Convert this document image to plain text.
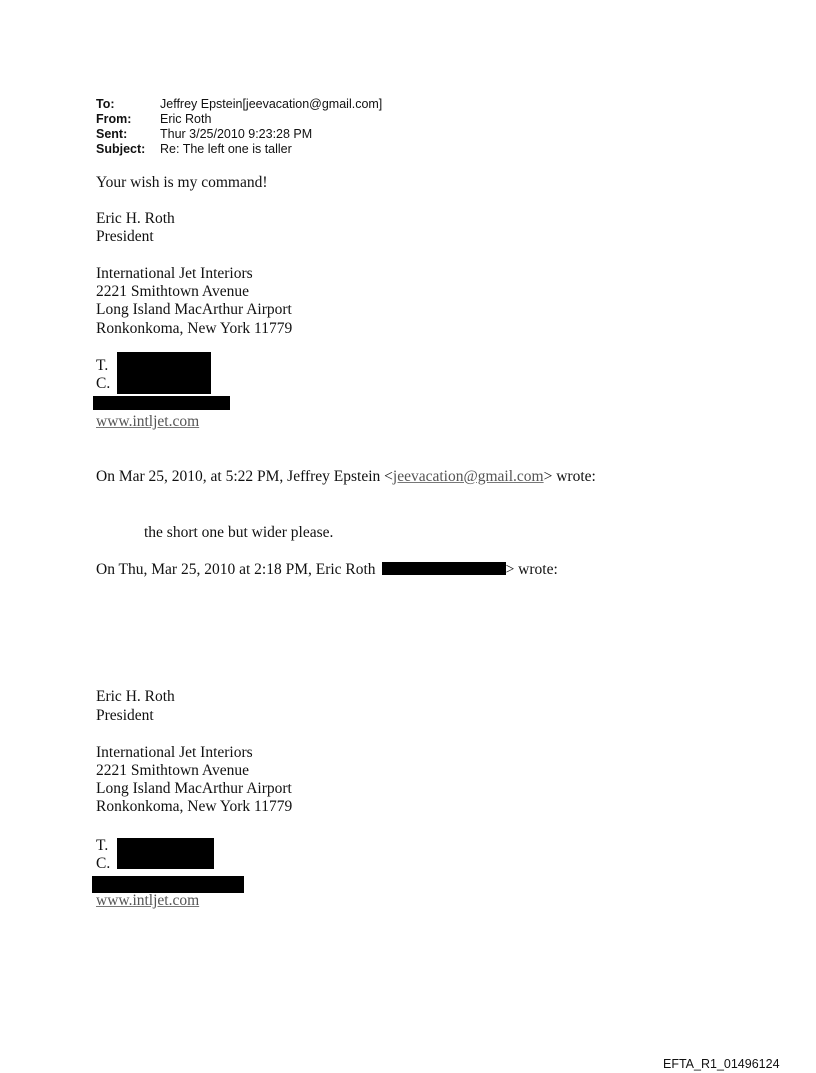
To:	Jeffrey Epstein[jeevacation@gmail.com]
From: Eric Roth
Sent:	Thur 3/25/2010 9:23:28 PM
Subject: Re: The left one is taller
Your wish is my command!
Eric H. Roth
President
International Jet Interiors
2221 Smithtown Avenue
Long Island MacArthur Airport
Ronkonkoma, New York 11779
T.
C.
www.intljet.com
On Mar 25, 2010, at 5:22 PM, Jeffrey Epstein <jeevacation@gmail.com> wrote:
the short one but wider please.
On Thu, Mar 25, 2010 at 2:18 PM, Eric Roth	> wrote:
Eric H. Roth
President
International Jet Interiors
2221 Smithtown Avenue
Long Island MacArthur Airport
Ronkonkoma, New York 11779
T.
C.
www.intljet.com
EFTA_R1_01496124
